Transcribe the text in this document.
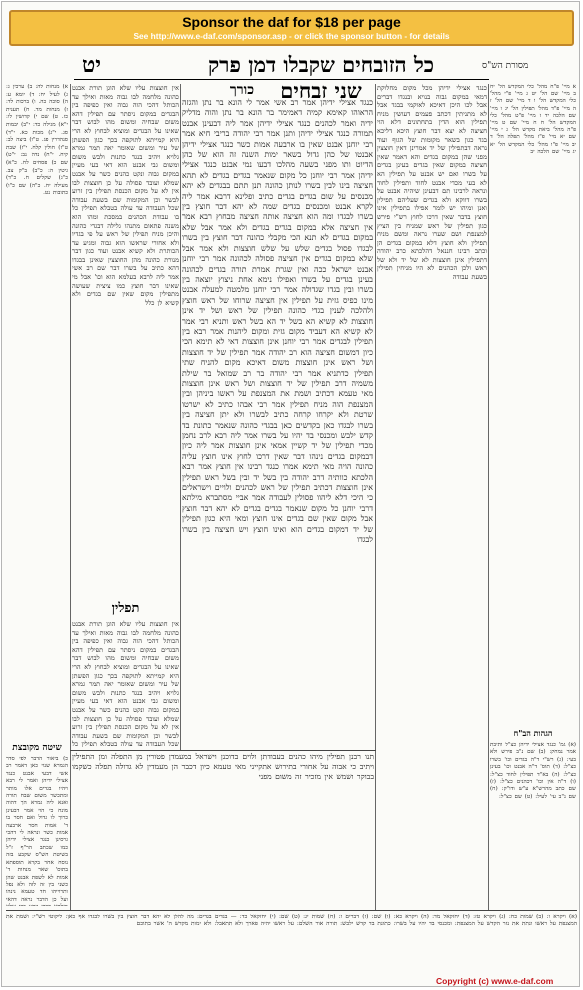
Sponsor the daf for $18 per page
See http://www.e-daf.com/sponsor.asp - or click the sponsor button - for details
מסורת הש"ס
כל הזובחים שקבלו דמן פרק שני זבחים
יט
א מיי' פ"ח מהל' כלי המקדש הל' יח ב מיי' שם הל' יט ג מיי' פ"י מהל' כלי המקדש הל' ו ד מיי' שם הל' ז ה מיי' פ"ד מהל' תפילין הל' יג ו מיי' שם הלכה יד ז מיי' פ"ט מהל' כלי המקדש הל' ח ח מיי' שם ט מיי' פ"ה מהל' ביאת מקדש הל' ג י מיי' שם יא מיי' פ"ז מהל' תפלה הל' ד יב מיי' פ"ו מהל' כלי המקדש הל' יא יג מיי' שם הלכה יב
כנגד אצילי ידיהן מכל מקום מחלוקת דמאי במקום גבוה בנויא ובנגדו דברים אבל לכו היכן דאיכא לאוקמי בבגד אבל לא מתניתין דכתב פעמים דעושין מניח תפילין הוא הדין בתחתונים דלא הוי חציצה לא יצא דבר חוצץ היכא דליכא בגד כגון בשאר מקומות של הגוף ועוד נראה דבתפילין של יד אמרינן דאין חוצצין מפני שהן במקום בגדים והא דאמר שאין חציצה במקום שאין בגדים בעינן בגדים על בשרו ואם יש אבנט על תפילין הא לא בעי מכדי אבנט לחוד ותפילין לחוד ונראה לרבינו תם דבעינן שיהיה אבנט על בשרו דווקא ולא בגדים שעליהם תפילין ואנן ומיהו יש לומר אפילו בתפילין אינו חוצץ בדבר שאין דרכו לחוץ רש"י פירש כגון תפילין של ראש שמניח בין הציץ למצנפת ושם שערו נראה ומשם מניח תפילין ולא חוצץ דלא במקום בגדים הן וכתב רבינו חננאל דהלכתא כרב יהודה דתפילין אינן חוצצות לא של יד ולא של ראש ולכן הכהנים לא היו מניחין תפילין בשעת עבודה
כורך
כנגד אצילי ידיהן אמר רב אשי אמר לי הונא בר נתן והגזה הראוהו קאימא קמיה דאמימר בר הונא בר נתן והוה מדליק ידיה ואמר לכהנים כנגד אצילי ידיהן אמר ליה דבעינן אבנט תמורה כנגד אצילי ידיהן ותנן אמר רבי יהודה בריבי חיא אמר רבי יוחנן אבנט שאין בו ארבעה אמות כשר כנגד אצילי ידיהן אבנטו של כהן גדול בשאר ימות השנה זה הוא של כהן הדיוט ותו מפני בשעה מהלכו דבעו נמי אבנט כנגד אצילי ידיהן אמר רבי יוחנן כל מקום שנאמר בגדים בגדים לא תהא חציצה בינו לבין בשרו לנותן כהונה תנן תתם בבגדים לא יהא מכנסים על שום בגדים בגדים כתיב ופלינא דרבא אמר ליה לקרא אבנט ומכנסים בגדים שמה לא יהא דבר חוצץ בין בשרו לבגדו ומה הוא חציצה אותה חציצה מבחוץ רבא אמר אין חציצה אלא במקום בגדים בגדים ולא אמר אבל שלא במקום בגדים לא תנא הכי מקבלי כהונה דבר חוצץ בין בשרו לבגדו פסול בגדים שלש על שלש חוצצות ולא אמר אבל שלא במקום בגדים אין חציצה פסולה לכהונה אמר רבי יוחנן אבנט ישראל ככה ואין שגרת אמרת תורה בגדים לכהונה בעינן בגדים על בשרו ואפילו נימא אחת ניצוץ יוצאה בין בשרו ובין בגדו שגדולה אמר רבי יוחנן מלמטה למעלה אבנט מינו כפיס גזית על תפילין אין חציצה שרוחו של ראש חוצץ ולהלכה לענין בגדי כהונה תפילין של ראש ושל יד אינן חוצצות לא קשיא הא בשל יד הא בשל ראש ותניא רבי אמר לא קשיא הא דעביד מקום גזית ומקום ליהנות אמר רבא בין תפילין לבגדים אמר רבי יוחנן אינן חוצצות דאי לא תימא הכי כיון דמשום חציצה הוא רב יהודה אמר תפילין של יד חוצצות ושל ראש אינן חוצצות משום דאיכא מקום להניח שתי תפילין כדתניא אמר רבי יהודה בר רב שמואל בר שילת משמיה דרב תפילין של יד חוצצות ושל ראש אינן חוצצות מאי טעמא דכתיב ושמת את המצנפת על ראשו ביניהן ובין המצנפת הוה מניח תפילין אמר רבי אבהו כתיב לא ישרטו שרטת ולא יקרחו קרחה כתיב לבשרו ולא יתן חציצה בין בשרו לבגדו כאן בקדשים כאן בבגדי כהונה שנאמר כתונת בד קדש ילבש ומכנסי בד יהיו על בשרו אמר ליה רבא לרב נחמן מכדי תפילין של יד קשיין אמאי אינן חוצצות אמר ליה כיון דבמקום בגדים נינהו דבר שאין דרכו לחוץ אינו חוצץ עליה כהונה הויה מאי תימא אמרו כנגד רבינו אין חוצץ אמר רבא הלכתא כוותיה דרב יהודה בין בשל יד ובין בשל ראש תפילין אינן חוצצות דכתיב תפילין של ראש לכהנים ולויים וישראלים כי היכי דלא ליהוו פסולין לעבודה אמר אביי מסתברא מילתא דרבי יוחנן כל מקום שנאמר בגדים בגדים לא יהא דבר חוצץ אבל מקום שאין שם בגדים אינו חוצץ ומאי היא כגון תפילין של יד דמקום בגדים הוא ואינו חוצץ ויש חציצה בין בשרו לבגדו
אין חוצצות עליו שלא הוגן תורת אבנט כהונה מלחמה לבו גבוה מאות ואילך עד הכותל דהכי הוה גבוה ואין כפיפה בין הבגדים במקום ניסתר עם תפילין דהא משום שבחיה ומשום מהו לבוש דבר שאינו על הבגדים ומוציא לבחוץ לא הרי היא קמייתא לתוקפה בכך כגון הפשתן של עיר ומשום שאומר יאה תמר גמרא גלויא ויהיב בנגד כתנות ולבש משום ומשום גבי אבנט הוא דאי בעי מעיין במקום גבוה ונקט כהנים כשר על אבנט שמלא ועובד פסולה על כן חוצצות לבו אין לא על מקום הכנסת תפילין בין זרוע לבשר וכן המקומות שם בשעת עבודה שכל העבודה עד עולה בטבלא תפילין כל בו עבודת הכהנים במסכת ומהו הוא משנה פתאום מתנהו גלילה דבגדי כהונה והיכן מניח תפילין של ראש על פי בגדיו ולא אחורי שראשו הוא גבוה ומגיע עד הכותרת ולא קשיא אבנט ועוד כגון דבר מנורת כהונה מהן החוצצין שאינן בבגדו דהא כתיב על בשרו דבר שם רב אשי אמר ליה לרבא בעלמא הוא וכו' אבל מי שאינו דבר חוצץ כמו ציצית שעושה מתפילין מקום שאין שם בגדים ולא קשיא לן כלל
תפלין
אין חוצצות עליו שלא הוגן תורת אבנט כהונה מלחמה לבו גבוה מאות ואילך עד הכותל דהכי הוה גבוה ואין כפיפה בין הבגדים במקום ניסתר עם תפילין דהא משום שבחיה ומשום מהו לבוש דבר שאינו על הבגדים ומוציא לבחוץ לא הרי היא קמייתא לתוקפה בכך כגון הפשתן של עיר ומשום שאומר יאה תמר גמרא גלויא ויהיב בנגד כתנות ולבש משום ומשום גבי אבנט הוא דאי בעי מעיין במקום גבוה ונקט כהנים כשר על אבנט שמלא ועובד פסולה על כן חוצצות לבו אין לא על מקום הכנסת תפילין בין זרוע לבשר וכן המקומות שם בשעת עבודה שכל העבודה עד עולה בטבלא תפילין כל
א) מנחות לה: ב) ערכין ג: ג) לעיל יח: ד) יומא ע: ה) סוכה כה. ו) ברכות לד: ז) מנחות מד. ח) תענית כז. ט) שם י) קדושין לו: י"א) מגילה כד: י"ב) יבמות סג. י"ג) מכות כא. י"ד) סנהדרין פג. ט"ו) ביצה לב: ט"ז) חולין קלח. י"ז) שבת קיח. י"ח) נדה נב: י"ט) שם כ) פסחים לח. כ"א) גיטין ה: כ"ב) ב"ק צב. כ"ג) שקלים ח. כ"ד) מעילה יח. כ"ה) שם כ"ו) כתובות נט.
שיטה מקובצת
כ) ביאור הדבר לפי סדר הגמרא שנוי כאן דאמר רב אשי דבעי אבנט כנגד אצילי ידיהן ואמר לי רבא ויהיו בגדים אלו מותר ומתכשר משום שבח תורה ואנא ליה גמרא הך דהוה מונח כי הוי אמר דבעינן כרוך לו גדול ואם חסר בו ד' אמות חסר ארבעה אמות כשר ונראה לי דהכי גרסינן כנגד אצילי ידיהן כמו שכתב הר"ף ז"ל בשיטת הש"ס שקבע בזה נוסח אחר בקרא תוספתא בתוס' שאר מנחות ד' אמות לא לשפת אבנט שהן כשני בין זה לזה ולא נפל ותרוייהו חד טעמא נינהו ועל כן הדבר נראה דהאי
הגהות הב"ח
(א) גמ' כנגד אצילי ידיהן כצ"ל ותיבת אמר נמחק: (ב) שם נ"ב פירש ולא בעי: (ג) רש"י ד"ה בגדים וכו' בשרו כצ"ל: (ד) תוס' ד"ה אבנט וכו' בעינן כצ"ל: (ה) בא"ד תפילין לחוד כצ"ל: (ו) ד"ה אין וכו' דכהנים כצ"ל: (ז) שם כתב מהרש"א ע"ש ודו"ק: (ח) שם נ"ב עי' לעיל: (ט) שם כצ"ל:
תנו רבנן תפילין מיהו כהנים בעבודתן ולוים בדוכנן וישראל במעמדן פטורין מן התפלה ומן התפילין ויתיב כי אבוה על אחורי בתירוש אתקייני מאי טעמא כיון דכבר הן מעמדין לא גדולה תפלה כשקמו בבוקר ושמש אין מזכיר זה משום מפני
(א) ויקרא ו: (ב) שמות כח: (ג) ויקרא טז: (ד) יחזקאל מד: (ה) ויקרא כא: (ו) שם: (ז) דברים ו: (ח) שמות יג: (ט) שם: (י) יחזקאל כד: — בגדים בגדים: מה להלן לא יהא דבר חוצץ בין בשרו לבגדו אף כאן: ליקוטי רש"י: ושמת את המצנפת על ראשו ונתת את נזר הקדש על המצנפת: ומכנסי בד יהיו על בשרו: כתונת בד קדש ילבש: תורה אור השלם: על ראשו יהיה פארך ולא תתאבל: ולא ימות מקדש ה' אשר בתוכם
Copyright (c) www.e-daf.com
